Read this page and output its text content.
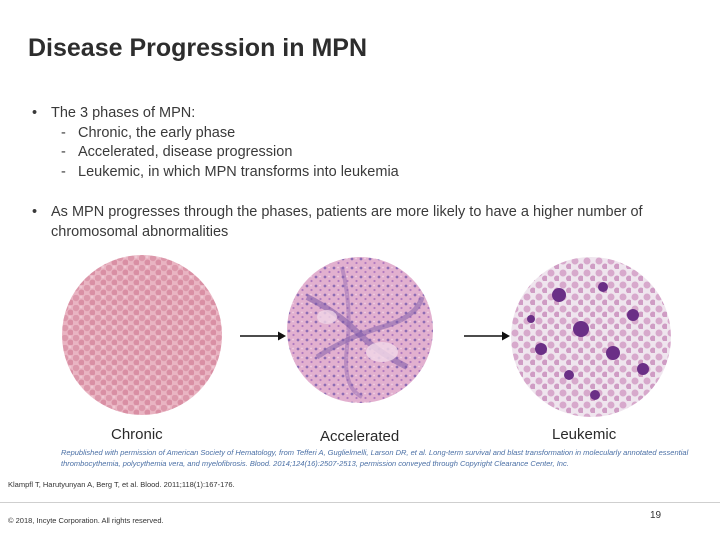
Disease Progression in MPN
• The 3 phases of MPN:
- Chronic, the early phase
- Accelerated, disease progression
- Leukemic, in which MPN transforms into leukemia
• As MPN progresses through the phases, patients are more likely to have a higher number of chromosomal abnormalities
Chronic	Accelerated	Leukemic
Republished with permission of American Society of Hematology, from Tefferi A, Guglielmelli, Larson DR, et al. Long-term survival and blast transformation in molecularly annotated essential thrombocythemia, polycythemia vera, and myelofibrosis. Blood. 2014;124(16):2507-2513, permission conveyed through Copyright Clearance Center, Inc.
Klampfl T, Harutyunyan A, Berg T, et al. Blood. 2011;118(1):167-176.
© 2018, Incyte Corporation. All rights reserved.	19
